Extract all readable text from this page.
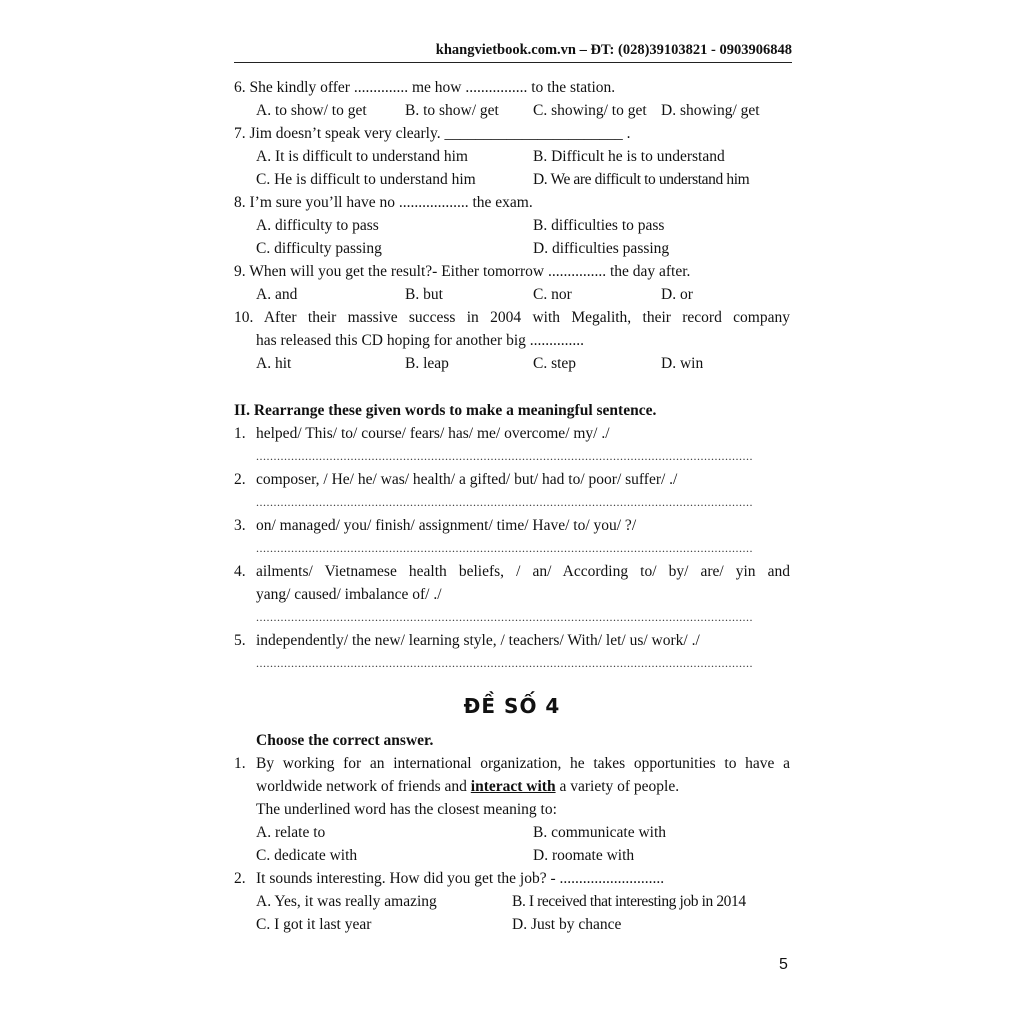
khangvietbook.com.vn – ĐT: (028)39103821 - 0903906848

6. She kindly offer .............. me how ................ to the station.

A. to show/ to get B. to show/ get C. showing/ to get D. showing/ get

7. Jim doesn’t speak very clearly. _______________________ .

A. It is difficult to understand him	B. Difficult he is to understand
C. He is difficult to understand him	D. We are difficult to understand him

8. I’m sure you’ll have no .................. the exam.

A. difficulty to pass	B. difficulties to pass
C. difficulty passing	D. difficulties passing

9. When will you get the result?- Either tomorrow ............... the day after.

A. and	B. but	C. nor	D. or

10. After their massive success in 2004 with Megalith, their record company

has released this CD hoping for another big ..............

A. hit	B. leap	C. step	D. win

II. Rearrange these given words to make a meaningful sentence.

1. helped/ This/ to/ course/ fears/ has/ me/ overcome/ my/ ./
..............................................................................................................................................
2. composer, / He/ he/ was/ health/ a gifted/ but/ had to/ poor/ suffer/ ./
..............................................................................................................................................
3. on/ managed/ you/ finish/ assignment/ time/ Have/ to/ you/ ?/
..............................................................................................................................................
4. ailments/ Vietnamese health beliefs, / an/ According to/ by/ are/ yin and
yang/ caused/ imbalance of/ ./
..............................................................................................................................................
5. independently/ the new/ learning style, / teachers/ With/ let/ us/ work/ ./
..............................................................................................................................................
ĐỀ SỐ 4

Choose the correct answer.

1. By working for an international organization, he takes opportunities to have a
worldwide network of friends and interact with a variety of people.
The underlined word has the closest meaning to:
A. relate to	B. communicate with
C. dedicate with	D. roomate with
2. It sounds interesting. How did you get the job? - ...........................
A. Yes, it was really amazing	B. I received that interesting job in 2014
C. I got it last year	D. Just by chance
5
